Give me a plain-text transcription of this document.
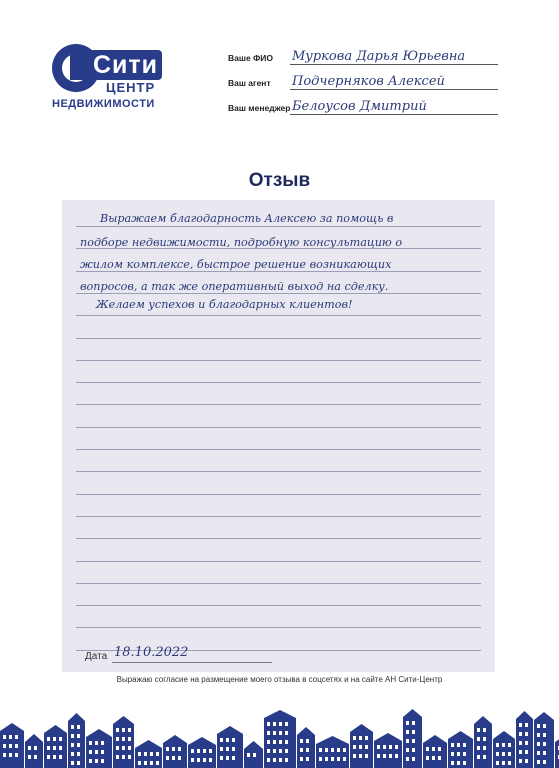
Сити
ЦЕНТР
НЕДВИЖИМОСТИ
Ваше ФИО Муркова Дарья Юрьевна
Ваш агент Подчерняков Алексей
Ваш менеджер Белоусов Дмитрий
Отзыв
Выражаем благодарность Алексею за помощь в
подборе недвижимости, подробную консультацию о
жилом комплексе, быстрое решение возникающих
вопросов, а так же оперативный выход на сделку.
Желаем успехов и благодарных клиентов!
Дата 18.10.2022
Выражаю согласие на размещение моего отзыва в соцсетях и на сайте АН Сити-Центр
